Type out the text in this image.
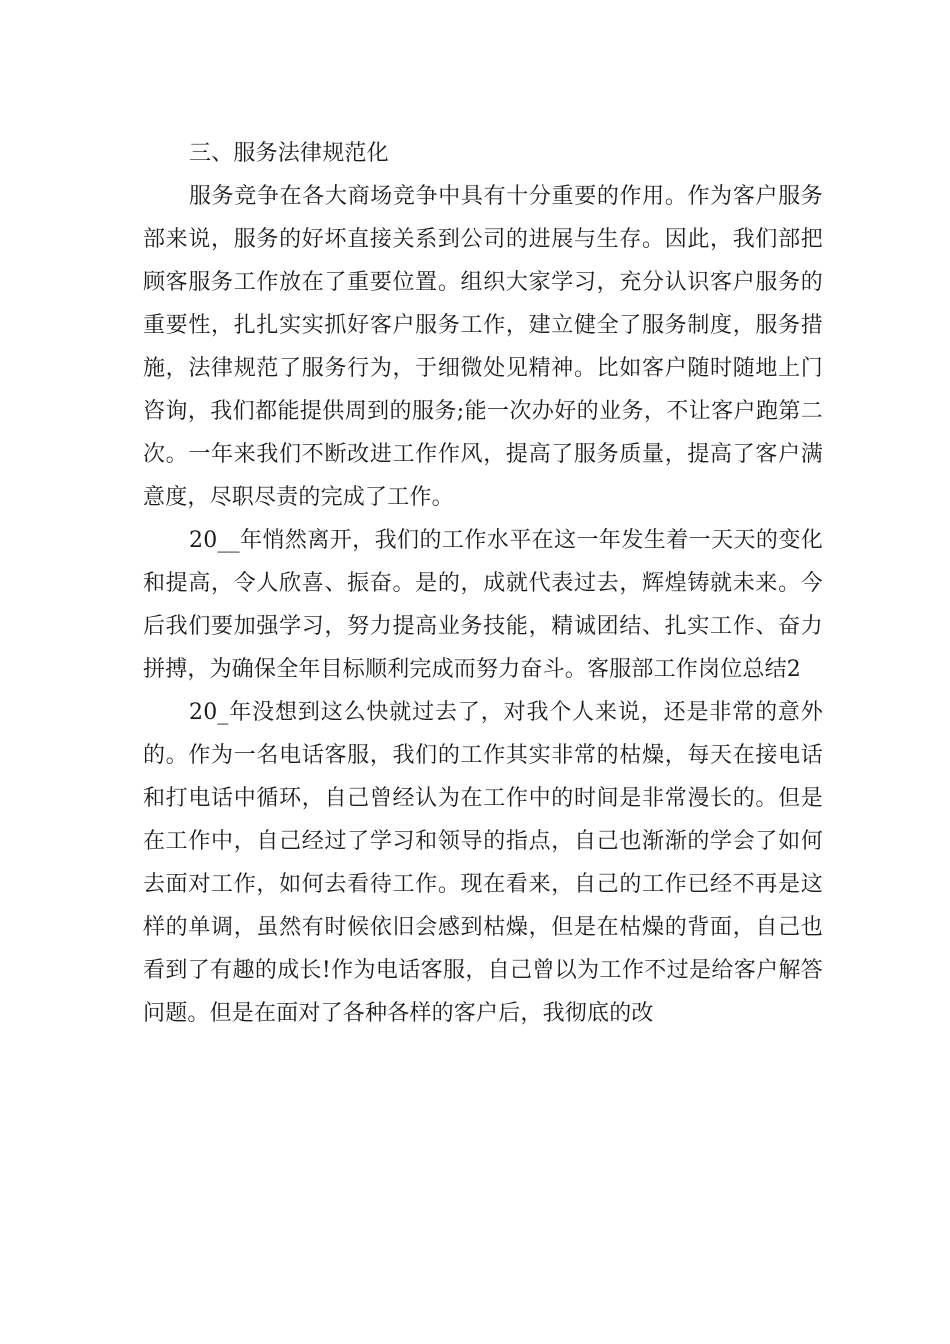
三、服务法律规范化

服务竞争在各大商场竞争中具有十分重要的作用。作为客户服务部来说，服务的好坏直接关系到公司的进展与生存。因此，我们部把顾客服务工作放在了重要位置。组织大家学习，充分认识客户服务的重要性，扎扎实实抓好客户服务工作，建立健全了服务制度，服务措施，法律规范了服务行为，于细微处见精神。比如客户随时随地上门咨询，我们都能提供周到的服务;能一次办好的业务，不让客户跑第二次。一年来我们不断改进工作作风，提高了服务质量，提高了客户满意度，尽职尽责的完成了工作。

20__年悄然离开，我们的工作水平在这一年发生着一天天的变化和提高，令人欣喜、振奋。是的，成就代表过去，辉煌铸就未来。今后我们要加强学习，努力提高业务技能，精诚团结、扎实工作、奋力拼搏，为确保全年目标顺利完成而努力奋斗。客服部工作岗位总结2

20_年没想到这么快就过去了，对我个人来说，还是非常的意外的。作为一名电话客服，我们的工作其实非常的枯燥，每天在接电话和打电话中循环，自己曾经认为在工作中的时间是非常漫长的。但是在工作中，自己经过了学习和领导的指点，自己也渐渐的学会了如何去面对工作，如何去看待工作。现在看来，自己的工作已经不再是这样的单调，虽然有时候依旧会感到枯燥，但是在枯燥的背面，自己也看到了有趣的成长!作为电话客服，自己曾以为工作不过是给客户解答问题。但是在面对了各种各样的客户后，我彻底的改
